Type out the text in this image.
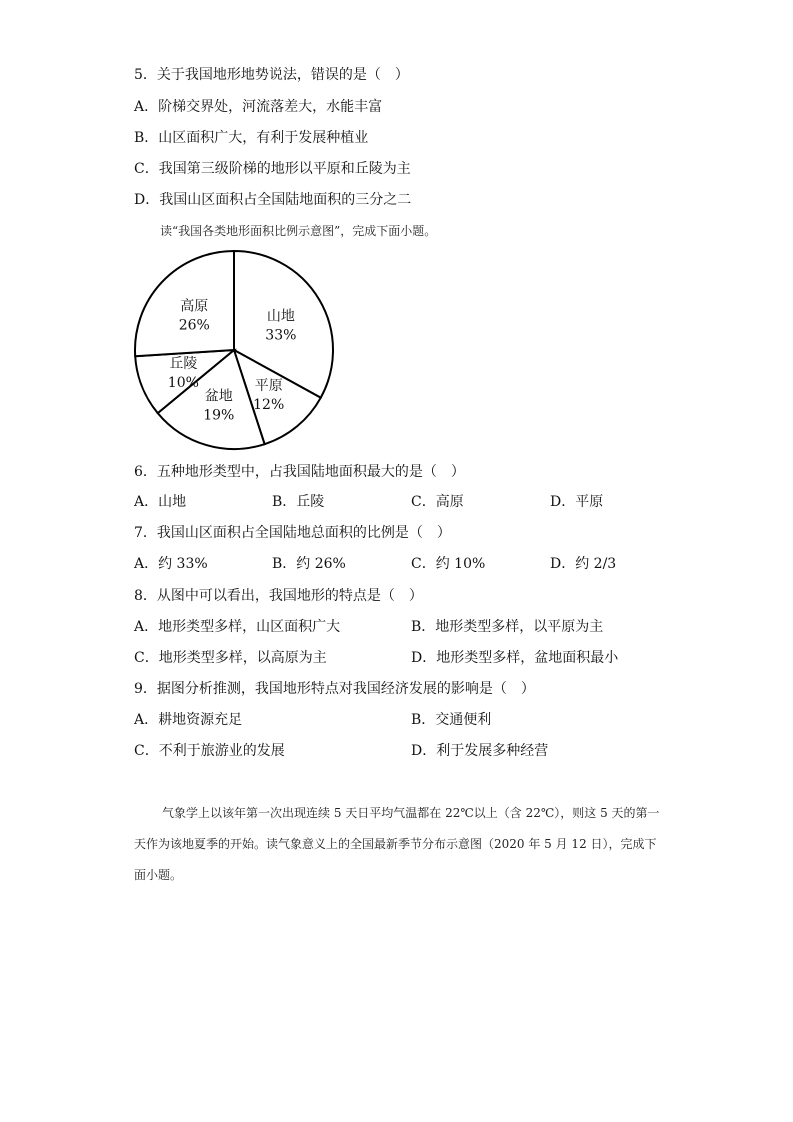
5．关于我国地形地势说法，错误的是（　）
A．阶梯交界处，河流落差大，水能丰富
B．山区面积广大，有利于发展种植业
C．我国第三级阶梯的地形以平原和丘陵为主
D．我国山区面积占全国陆地面积的三分之二
读“我国各类地形面积比例示意图”，完成下面小题。
山地
33%
平原
12%
盆地
19%
丘陵
10%
高原
26%
6．五种地形类型中，占我国陆地面积最大的是（　）
A．山地	B．丘陵	C．高原	D．平原
7．我国山区面积占全国陆地总面积的比例是（　）
A．约 33%	B．约 26%	C．约 10%	D．约 2/3
8．从图中可以看出，我国地形的特点是（　）
A．地形类型多样，山区面积广大	B．地形类型多样，以平原为主
C．地形类型多样，以高原为主	D．地形类型多样，盆地面积最小
9．据图分析推测，我国地形特点对我国经济发展的影响是（　）
A．耕地资源充足	B．交通便利
C．不利于旅游业的发展	D．利于发展多种经营
气象学上以该年第一次出现连续 5 天日平均气温都在 22℃以上（含 22℃），则这 5 天的第一天作为该地夏季的开始。读气象意义上的全国最新季节分布示意图（2020 年 5 月 12 日），完成下面小题。
